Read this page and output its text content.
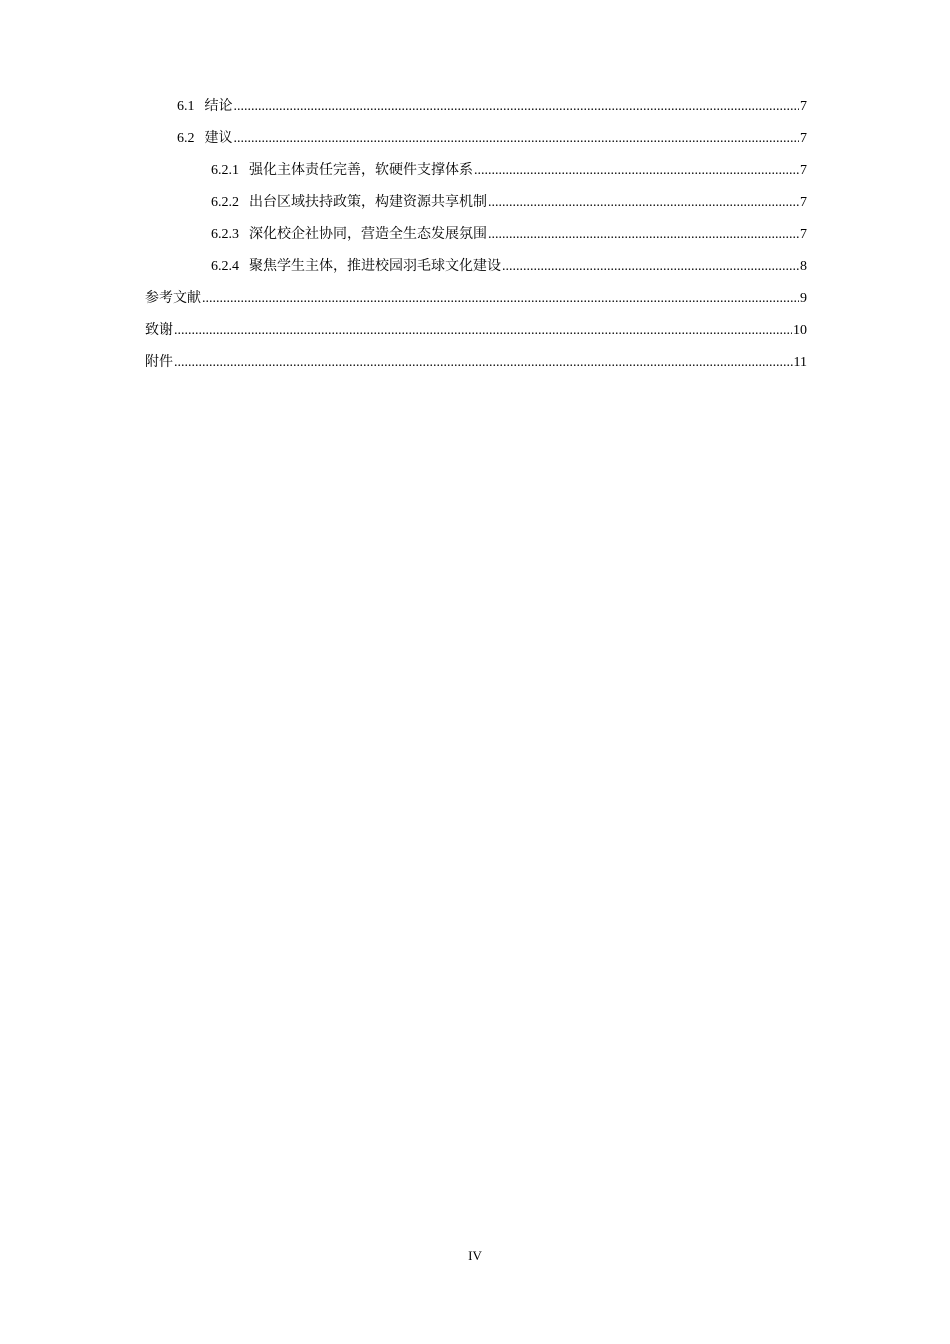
6.1 结论 .....	7
6.2 建议 .....	7
6.2.1 强化主体责任完善，软硬件支撑体系 .....	7
6.2.2 出台区域扶持政策，构建资源共享机制 .....	7
6.2.3 深化校企社协同，营造全生态发展氛围 .....	7
6.2.4 聚焦学生主体，推进校园羽毛球文化建设 .....	8
参考文献 .....	9
致谢 .....	10
附件 .....	11
IV
